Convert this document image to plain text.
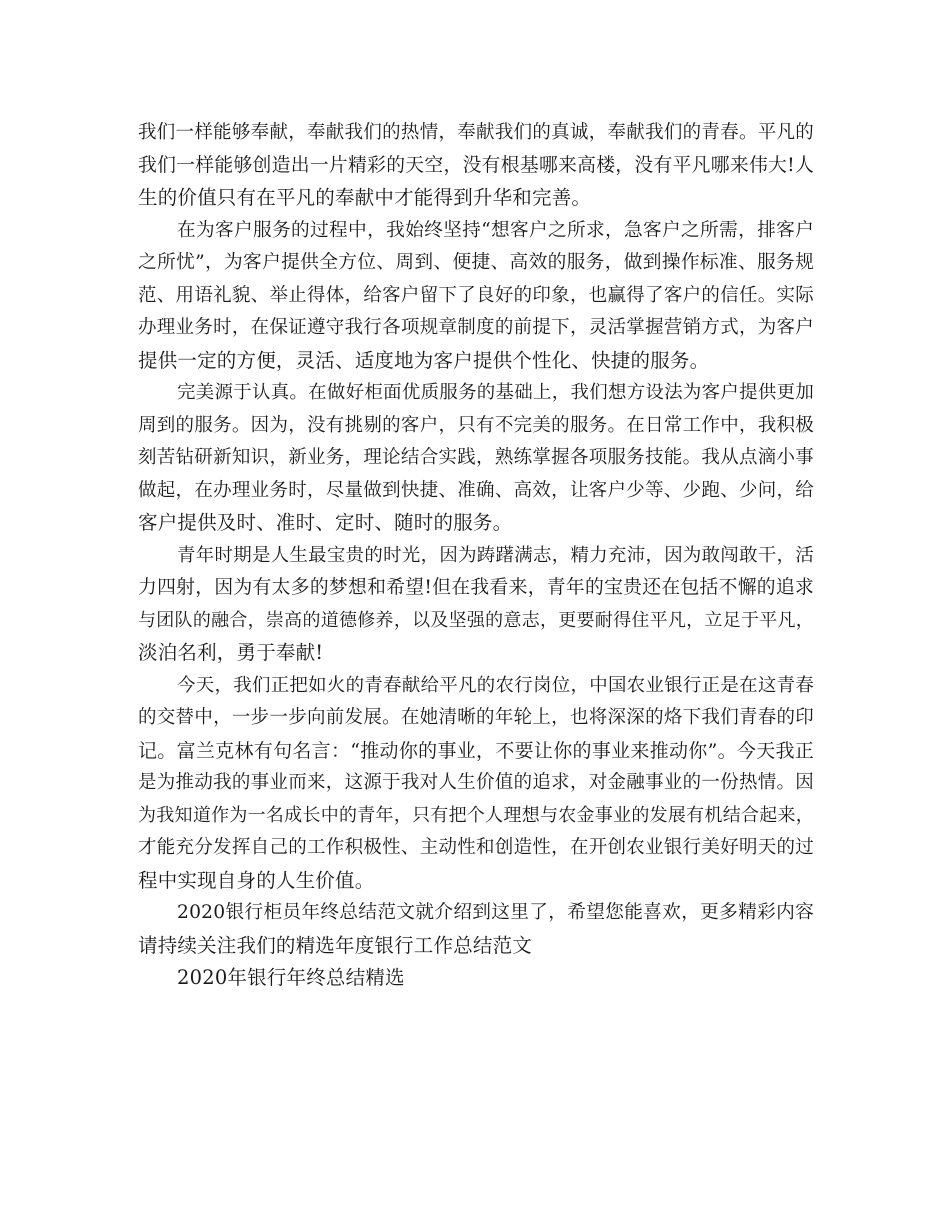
我们一样能够奉献，奉献我们的热情，奉献我们的真诚，奉献我们的青春。平凡的
我们一样能够创造出一片精彩的天空，没有根基哪来高楼，没有平凡哪来伟大!人
生的价值只有在平凡的奉献中才能得到升华和完善。

在为客户服务的过程中，我始终坚持“想客户之所求，急客户之所需，排客户
之所忧”，为客户提供全方位、周到、便捷、高效的服务，做到操作标准、服务规
范、用语礼貌、举止得体，给客户留下了良好的印象，也赢得了客户的信任。实际
办理业务时，在保证遵守我行各项规章制度的前提下，灵活掌握营销方式，为客户
提供一定的方便，灵活、适度地为客户提供个性化、快捷的服务。

完美源于认真。在做好柜面优质服务的基础上，我们想方设法为客户提供更加
周到的服务。因为，没有挑剔的客户，只有不完美的服务。在日常工作中，我积极
刻苦钻研新知识，新业务，理论结合实践，熟练掌握各项服务技能。我从点滴小事
做起，在办理业务时，尽量做到快捷、准确、高效，让客户少等、少跑、少问，给
客户提供及时、准时、定时、随时的服务。

青年时期是人生最宝贵的时光，因为踌躇满志，精力充沛，因为敢闯敢干，活
力四射，因为有太多的梦想和希望!但在我看来，青年的宝贵还在包括不懈的追求
与团队的融合，崇高的道德修养，以及坚强的意志，更要耐得住平凡，立足于平凡，
淡泊名利，勇于奉献!

今天，我们正把如火的青春献给平凡的农行岗位，中国农业银行正是在这青春
的交替中，一步一步向前发展。在她清晰的年轮上，也将深深的烙下我们青春的印
记。富兰克林有句名言：“推动你的事业，不要让你的事业来推动你”。今天我正
是为推动我的事业而来，这源于我对人生价值的追求，对金融事业的一份热情。因
为我知道作为一名成长中的青年，只有把个人理想与农金事业的发展有机结合起来，
才能充分发挥自己的工作积极性、主动性和创造性，在开创农业银行美好明天的过
程中实现自身的人生价值。

2020银行柜员年终总结范文就介绍到这里了，希望您能喜欢，更多精彩内容
请持续关注我们的精选年度银行工作总结范文

2020年银行年终总结精选
